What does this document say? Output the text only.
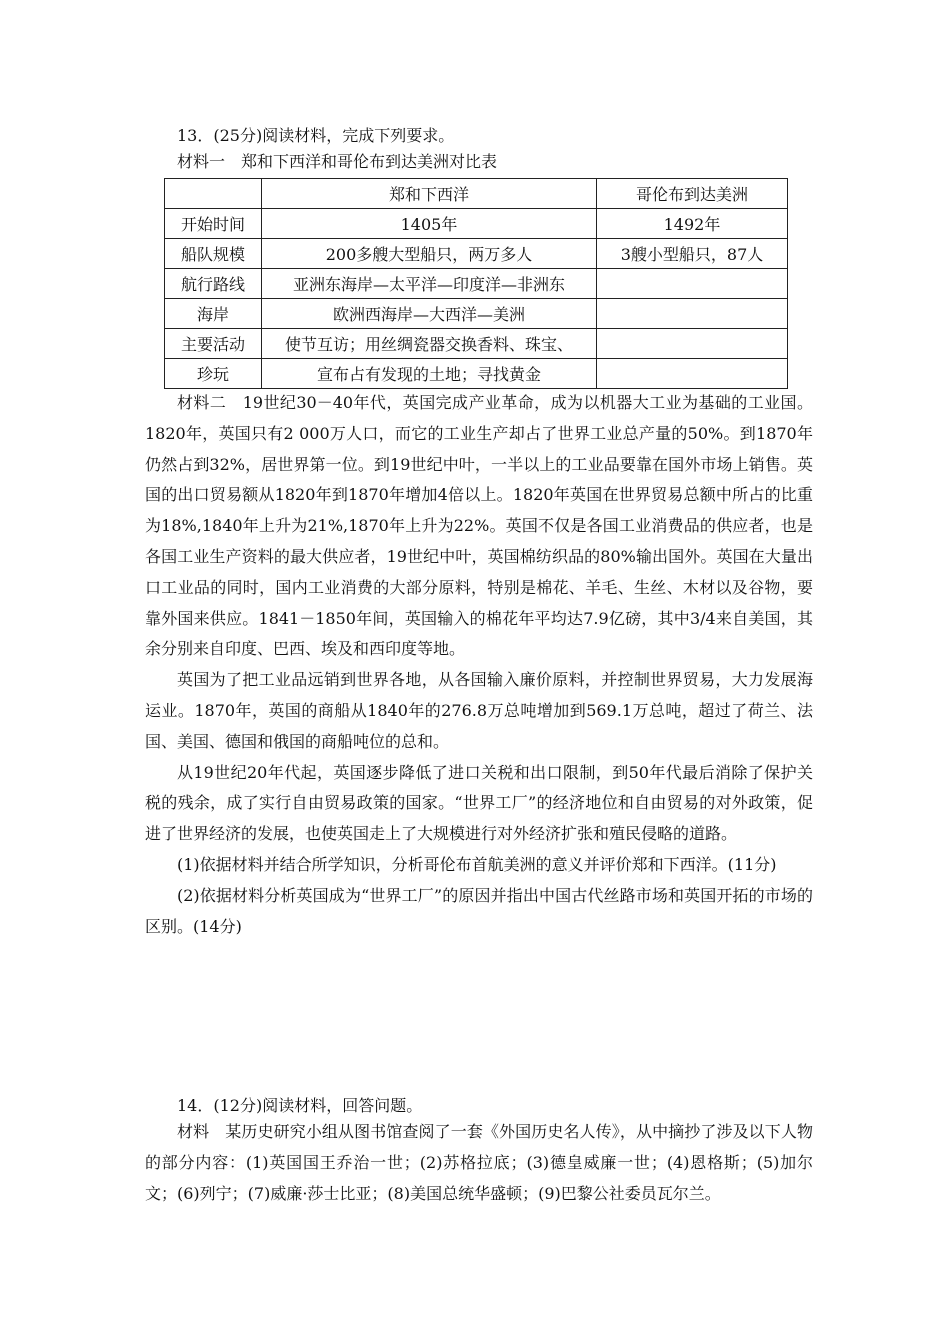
13．(25分)阅读材料，完成下列要求。
材料一　郑和下西洋和哥伦布到达美洲对比表
	郑和下西洋	哥伦布到达美洲
开始时间	1405年	1492年
船队规模	200多艘大型船只，两万多人	3艘小型船只，87人
航行路线	亚洲东海岸—太平洋—印度洋—非洲东	
海岸	欧洲西海岸—大西洋—美洲	
主要活动	使节互访；用丝绸瓷器交换香料、珠宝、	
珍玩	宣布占有发现的土地；寻找黄金	

材料二　19世纪30－40年代，英国完成产业革命，成为以机器大工业为基础的工业国。1820年，英国只有2 000万人口，而它的工业生产却占了世界工业总产量的50%。到1870年仍然占到32%，居世界第一位。到19世纪中叶，一半以上的工业品要靠在国外市场上销售。英国的出口贸易额从1820年到1870年增加4倍以上。1820年英国在世界贸易总额中所占的比重为18%,1840年上升为21%,1870年上升为22%。英国不仅是各国工业消费品的供应者，也是各国工业生产资料的最大供应者，19世纪中叶，英国棉纺织品的80%输出国外。英国在大量出口工业品的同时，国内工业消费的大部分原料，特别是棉花、羊毛、生丝、木材以及谷物，要靠外国来供应。1841－1850年间，英国输入的棉花年平均达7.9亿磅，其中3/4来自美国，其余分别来自印度、巴西、埃及和西印度等地。

英国为了把工业品远销到世界各地，从各国输入廉价原料，并控制世界贸易，大力发展海运业。1870年，英国的商船从1840年的276.8万总吨增加到569.1万总吨，超过了荷兰、法国、美国、德国和俄国的商船吨位的总和。

从19世纪20年代起，英国逐步降低了进口关税和出口限制，到50年代最后消除了保护关税的残余，成了实行自由贸易政策的国家。“世界工厂”的经济地位和自由贸易的对外政策，促进了世界经济的发展，也使英国走上了大规模进行对外经济扩张和殖民侵略的道路。

(1)依据材料并结合所学知识，分析哥伦布首航美洲的意义并评价郑和下西洋。(11分)

(2)依据材料分析英国成为“世界工厂”的原因并指出中国古代丝路市场和英国开拓的市场的区别。(14分)

14．(12分)阅读材料，回答问题。

材料　某历史研究小组从图书馆查阅了一套《外国历史名人传》，从中摘抄了涉及以下人物的部分内容：(1)英国国王乔治一世；(2)苏格拉底；(3)德皇威廉一世；(4)恩格斯；(5)加尔文；(6)列宁；(7)威廉·莎士比亚；(8)美国总统华盛顿；(9)巴黎公社委员瓦尔兰。
